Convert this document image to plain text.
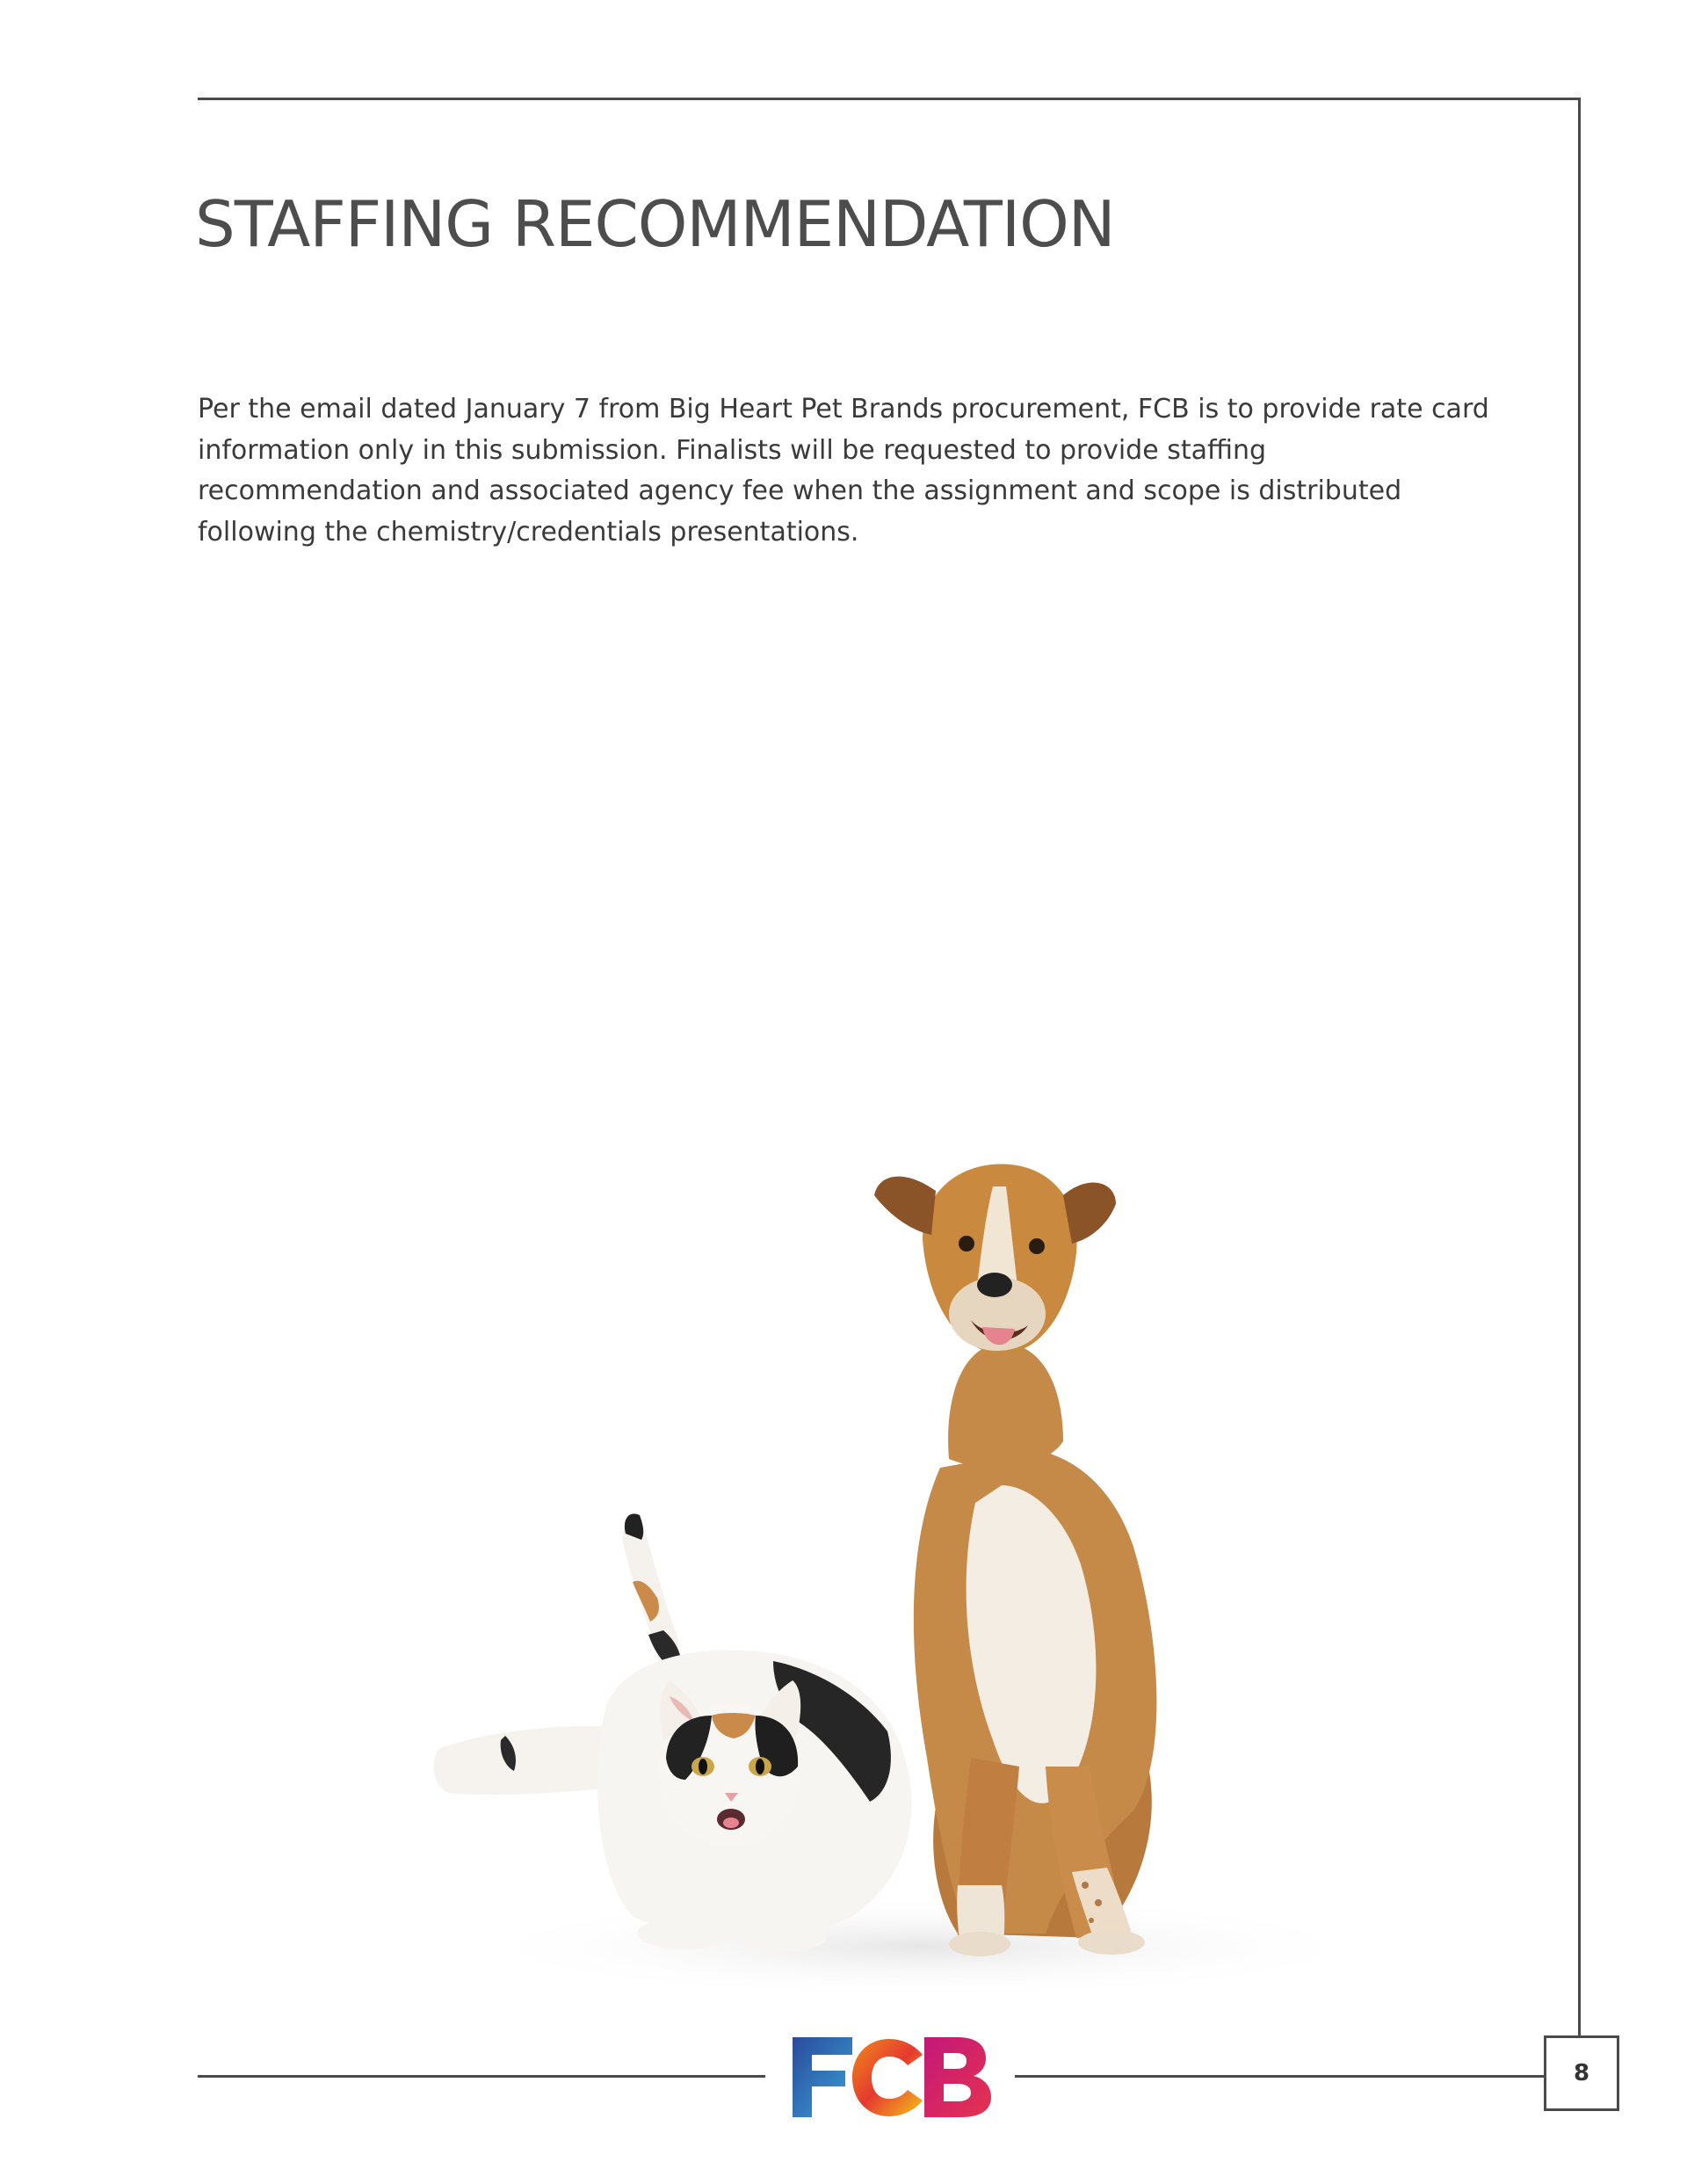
STAFFING RECOMMENDATION

Per the email dated January 7 from Big Heart Pet Brands procurement, FCB is to provide rate card information only in this submission. Finalists will be requested to provide staffing recommendation and associated agency fee when the assignment and scope is distributed following the chemistry/credentials presentations.

8
